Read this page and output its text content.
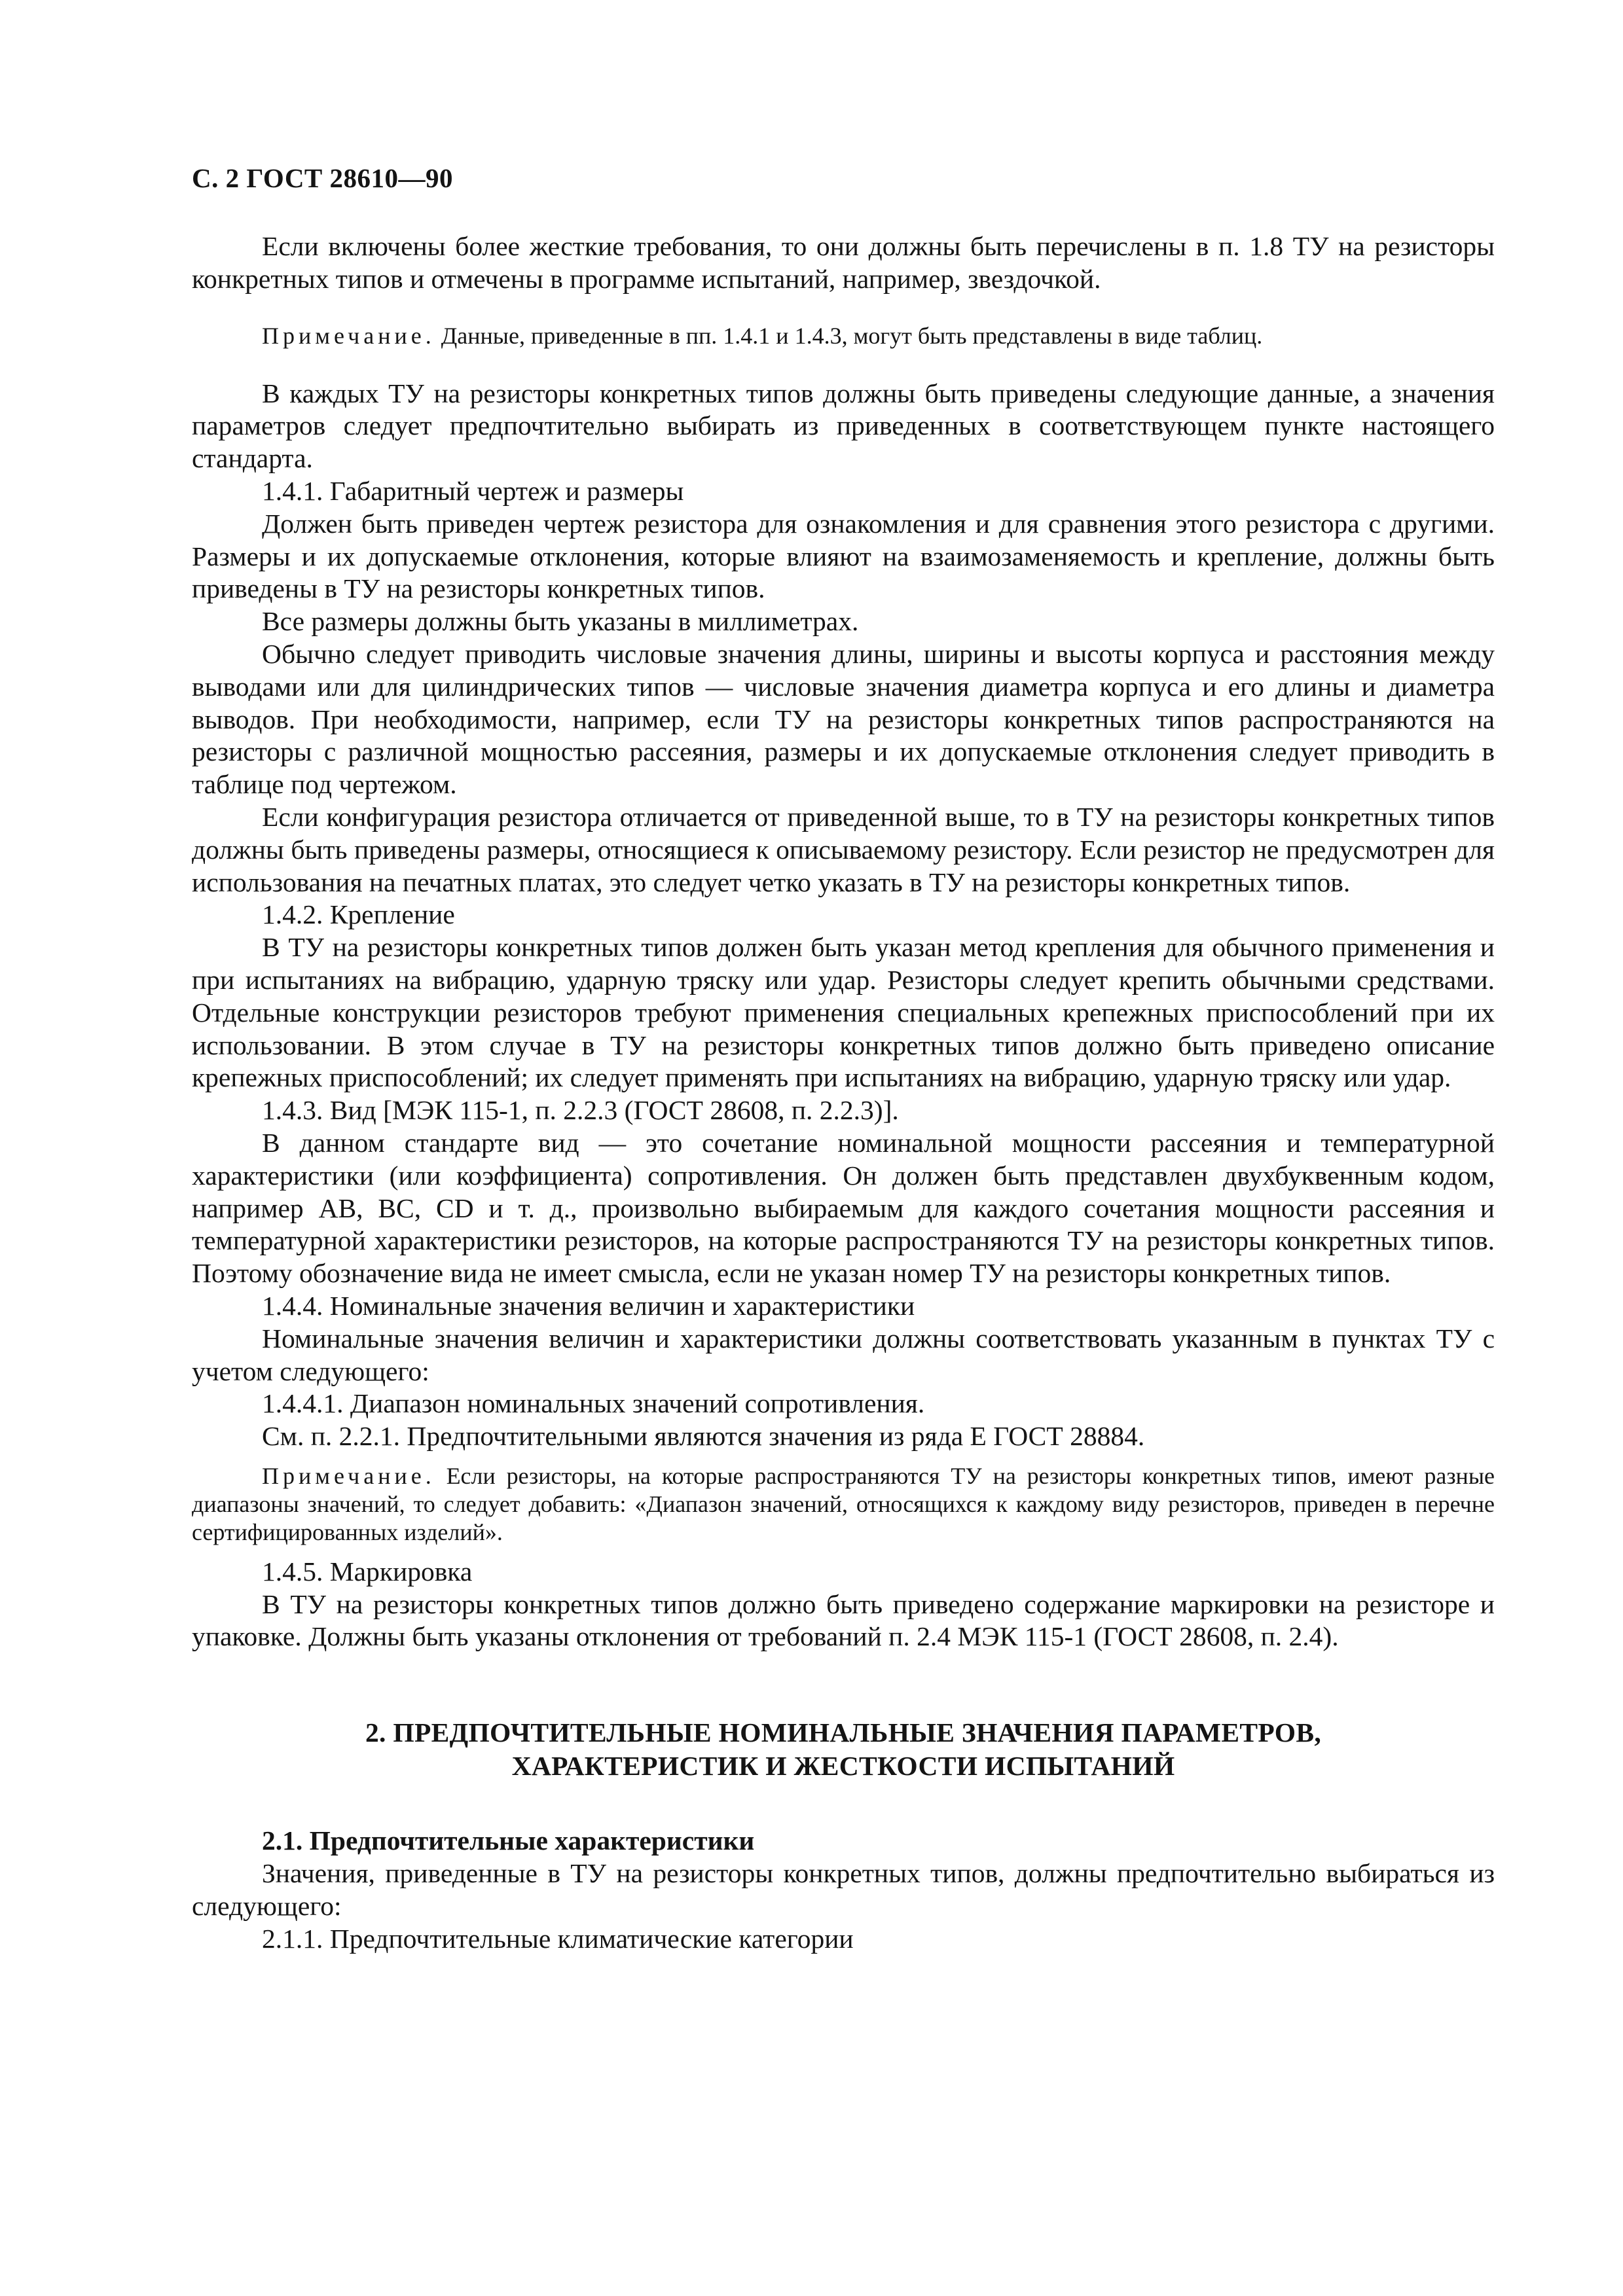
С. 2 ГОСТ 28610—90

Если включены более жесткие требования, то они должны быть перечислены в п. 1.8 ТУ на резисторы конкретных типов и отмечены в программе испытаний, например, звездочкой.

Примечание. Данные, приведенные в пп. 1.4.1 и 1.4.3, могут быть представлены в виде таблиц.

В каждых ТУ на резисторы конкретных типов должны быть приведены следующие данные, а значения параметров следует предпочтительно выбирать из приведенных в соответствующем пункте настоящего стандарта.

1.4.1. Габаритный чертеж и размеры

Должен быть приведен чертеж резистора для ознакомления и для сравнения этого резистора с другими. Размеры и их допускаемые отклонения, которые влияют на взаимозаменяемость и крепление, должны быть приведены в ТУ на резисторы конкретных типов.

Все размеры должны быть указаны в миллиметрах.

Обычно следует приводить числовые значения длины, ширины и высоты корпуса и расстояния между выводами или для цилиндрических типов — числовые значения диаметра корпуса и его длины и диаметра выводов. При необходимости, например, если ТУ на резисторы конкретных типов распространяются на резисторы с различной мощностью рассеяния, размеры и их допускаемые отклонения следует приводить в таблице под чертежом.

Если конфигурация резистора отличается от приведенной выше, то в ТУ на резисторы конкретных типов должны быть приведены размеры, относящиеся к описываемому резистору. Если резистор не предусмотрен для использования на печатных платах, это следует четко указать в ТУ на резисторы конкретных типов.

1.4.2. Крепление

В ТУ на резисторы конкретных типов должен быть указан метод крепления для обычного применения и при испытаниях на вибрацию, ударную тряску или удар. Резисторы следует крепить обычными средствами. Отдельные конструкции резисторов требуют применения специальных крепежных приспособлений при их использовании. В этом случае в ТУ на резисторы конкретных типов должно быть приведено описание крепежных приспособлений; их следует применять при испытаниях на вибрацию, ударную тряску или удар.

1.4.3. Вид [МЭК 115-1, п. 2.2.3 (ГОСТ 28608, п. 2.2.3)].

В данном стандарте вид — это сочетание номинальной мощности рассеяния и температурной характеристики (или коэффициента) сопротивления. Он должен быть представлен двухбуквенным кодом, например AB, BC, CD и т. д., произвольно выбираемым для каждого сочетания мощности рассеяния и температурной характеристики резисторов, на которые распространяются ТУ на резисторы конкретных типов. Поэтому обозначение вида не имеет смысла, если не указан номер ТУ на резисторы конкретных типов.

1.4.4. Номинальные значения величин и характеристики

Номинальные значения величин и характеристики должны соответствовать указанным в пунктах ТУ с учетом следующего:

1.4.4.1. Диапазон номинальных значений сопротивления.

См. п. 2.2.1. Предпочтительными являются значения из ряда Е ГОСТ 28884.

Примечание. Если резисторы, на которые распространяются ТУ на резисторы конкретных типов, имеют разные диапазоны значений, то следует добавить: «Диапазон значений, относящихся к каждому виду резисторов, приведен в перечне сертифицированных изделий».

1.4.5. Маркировка

В ТУ на резисторы конкретных типов должно быть приведено содержание маркировки на резисторе и упаковке. Должны быть указаны отклонения от требований п. 2.4 МЭК 115-1 (ГОСТ 28608, п. 2.4).

2. ПРЕДПОЧТИТЕЛЬНЫЕ НОМИНАЛЬНЫЕ ЗНАЧЕНИЯ ПАРАМЕТРОВ,
ХАРАКТЕРИСТИК И ЖЕСТКОСТИ ИСПЫТАНИЙ

2.1. Предпочтительные характеристики

Значения, приведенные в ТУ на резисторы конкретных типов, должны предпочтительно выбираться из следующего:

2.1.1. Предпочтительные климатические категории
